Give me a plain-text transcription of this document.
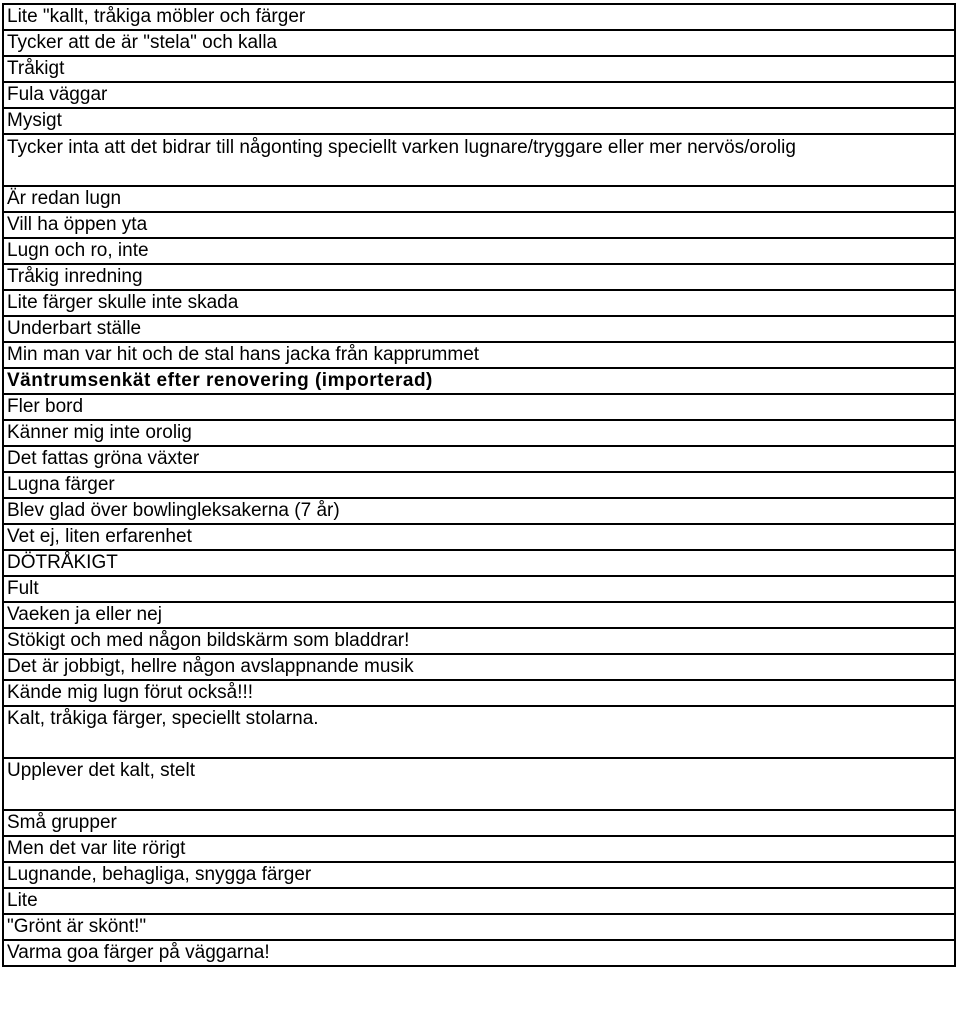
Lite "kallt, tråkiga möbler och färger
Tycker att de är "stela" och kalla
Tråkigt
Fula väggar
Mysigt
Tycker inta att det bidrar till någonting speciellt varken lugnare/tryggare eller mer nervös/orolig
Är redan lugn
Vill ha öppen yta
Lugn och ro, inte
Tråkig inredning
Lite färger skulle inte skada
Underbart ställe
Min man var hit och de stal hans jacka från kapprummet
Väntrumsenkät efter renovering (importerad)
Fler bord
Känner mig inte orolig
Det fattas gröna växter
Lugna färger
Blev glad över bowlingleksakerna (7 år)
Vet ej, liten erfarenhet
DÖTRÅKIGT
Fult
Vaeken ja eller nej
Stökigt och med någon bildskärm som bladdrar!
Det är jobbigt, hellre någon avslappnande musik
Kände mig lugn förut också!!!
Kalt, tråkiga färger, speciellt stolarna.
Upplever det kalt, stelt
Små grupper
Men det var lite rörigt
Lugnande, behagliga, snygga färger
Lite
"Grönt är skönt!"
Varma goa färger på väggarna!
